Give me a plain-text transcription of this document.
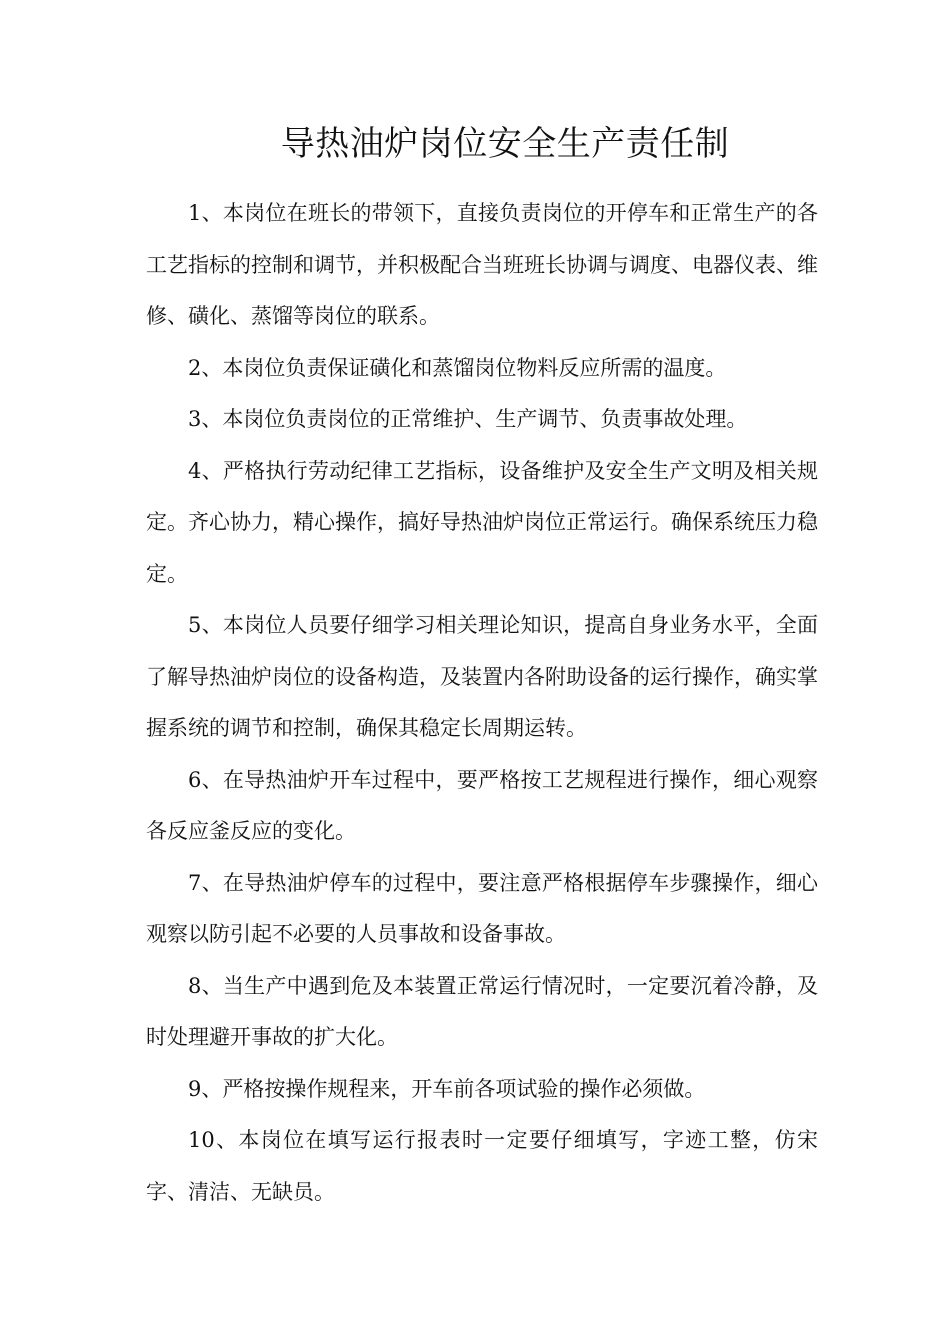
导热油炉岗位安全生产责任制

1、本岗位在班长的带领下，直接负责岗位的开停车和正常生产的各工艺指标的控制和调节，并积极配合当班班长协调与调度、电器仪表、维修、磺化、蒸馏等岗位的联系。

2、本岗位负责保证磺化和蒸馏岗位物料反应所需的温度。

3、本岗位负责岗位的正常维护、生产调节、负责事故处理。

4、严格执行劳动纪律工艺指标，设备维护及安全生产文明及相关规定。齐心协力，精心操作，搞好导热油炉岗位正常运行。确保系统压力稳定。

5、本岗位人员要仔细学习相关理论知识，提高自身业务水平，全面了解导热油炉岗位的设备构造，及装置内各附助设备的运行操作，确实掌握系统的调节和控制，确保其稳定长周期运转。

6、在导热油炉开车过程中，要严格按工艺规程进行操作，细心观察各反应釜反应的变化。

7、在导热油炉停车的过程中，要注意严格根据停车步骤操作，细心观察以防引起不必要的人员事故和设备事故。

8、当生产中遇到危及本装置正常运行情况时，一定要沉着冷静，及时处理避开事故的扩大化。

9、严格按操作规程来，开车前各项试验的操作必须做。

10、本岗位在填写运行报表时一定要仔细填写，字迹工整，仿宋字、清洁、无缺员。
